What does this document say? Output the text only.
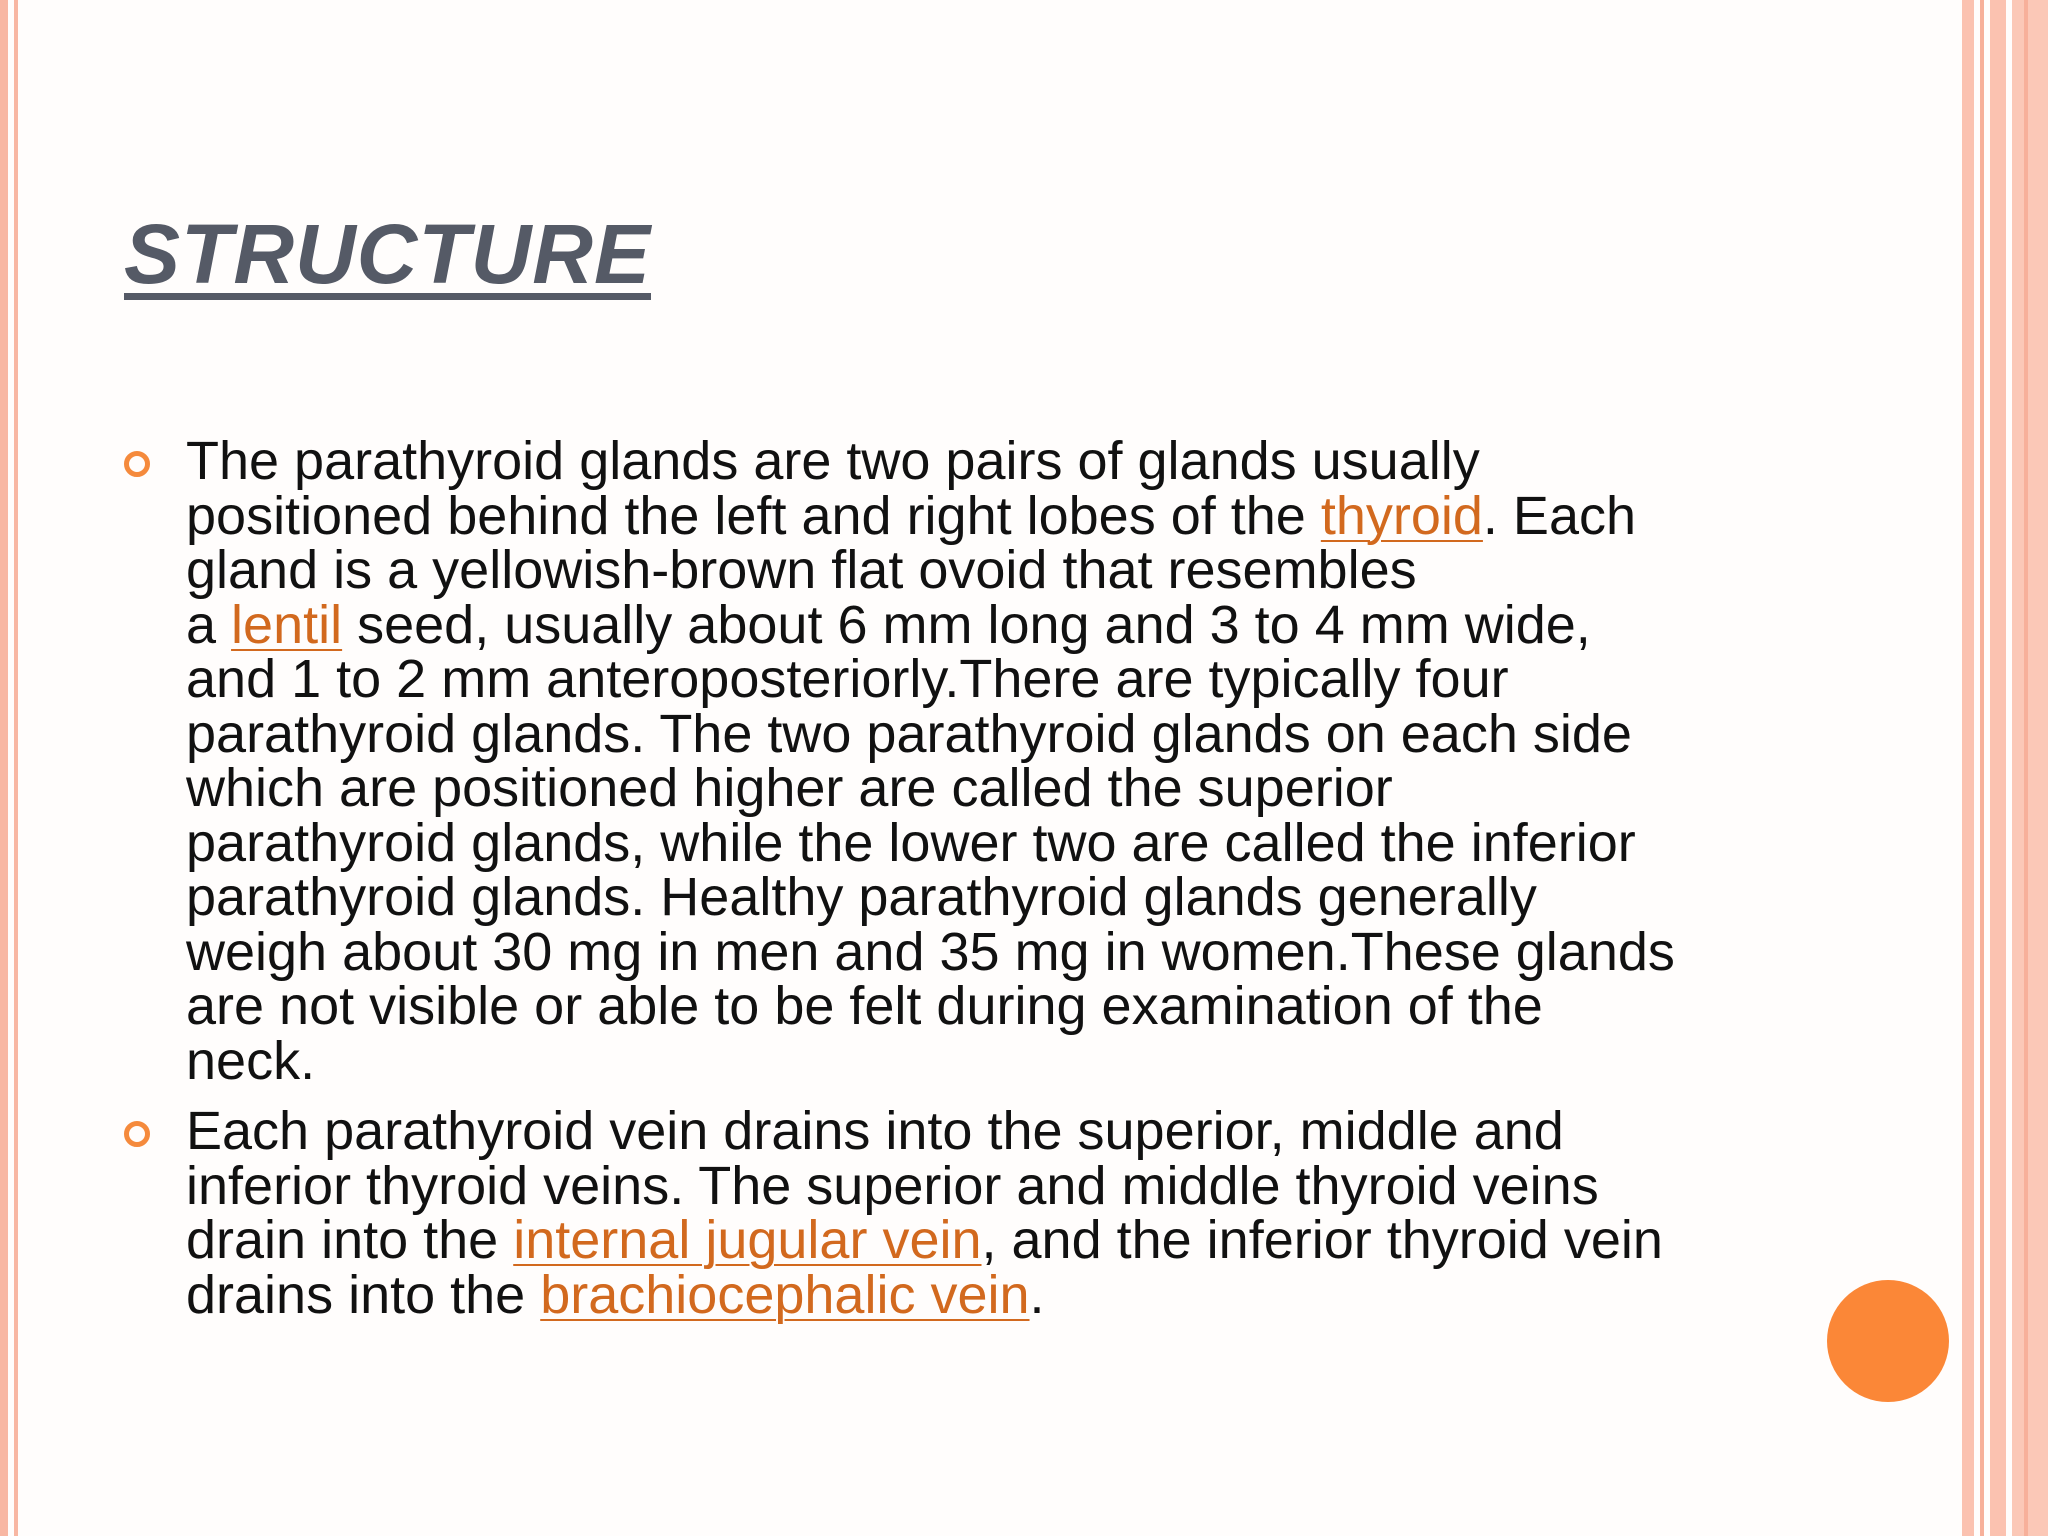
STRUCTURE
The parathyroid glands are two pairs of glands usually
positioned behind the left and right lobes of the thyroid. Each
gland is a yellowish-brown flat ovoid that resembles
a lentil seed, usually about 6 mm long and 3 to 4 mm wide,
and 1 to 2 mm anteroposteriorly.There are typically four
parathyroid glands. The two parathyroid glands on each side
which are positioned higher are called the superior
parathyroid glands, while the lower two are called the inferior
parathyroid glands. Healthy parathyroid glands generally
weigh about 30 mg in men and 35 mg in women.These glands
are not visible or able to be felt during examination of the
neck.
Each parathyroid vein drains into the superior, middle and
inferior thyroid veins. The superior and middle thyroid veins
drain into the internal jugular vein, and the inferior thyroid vein
drains into the brachiocephalic vein.
